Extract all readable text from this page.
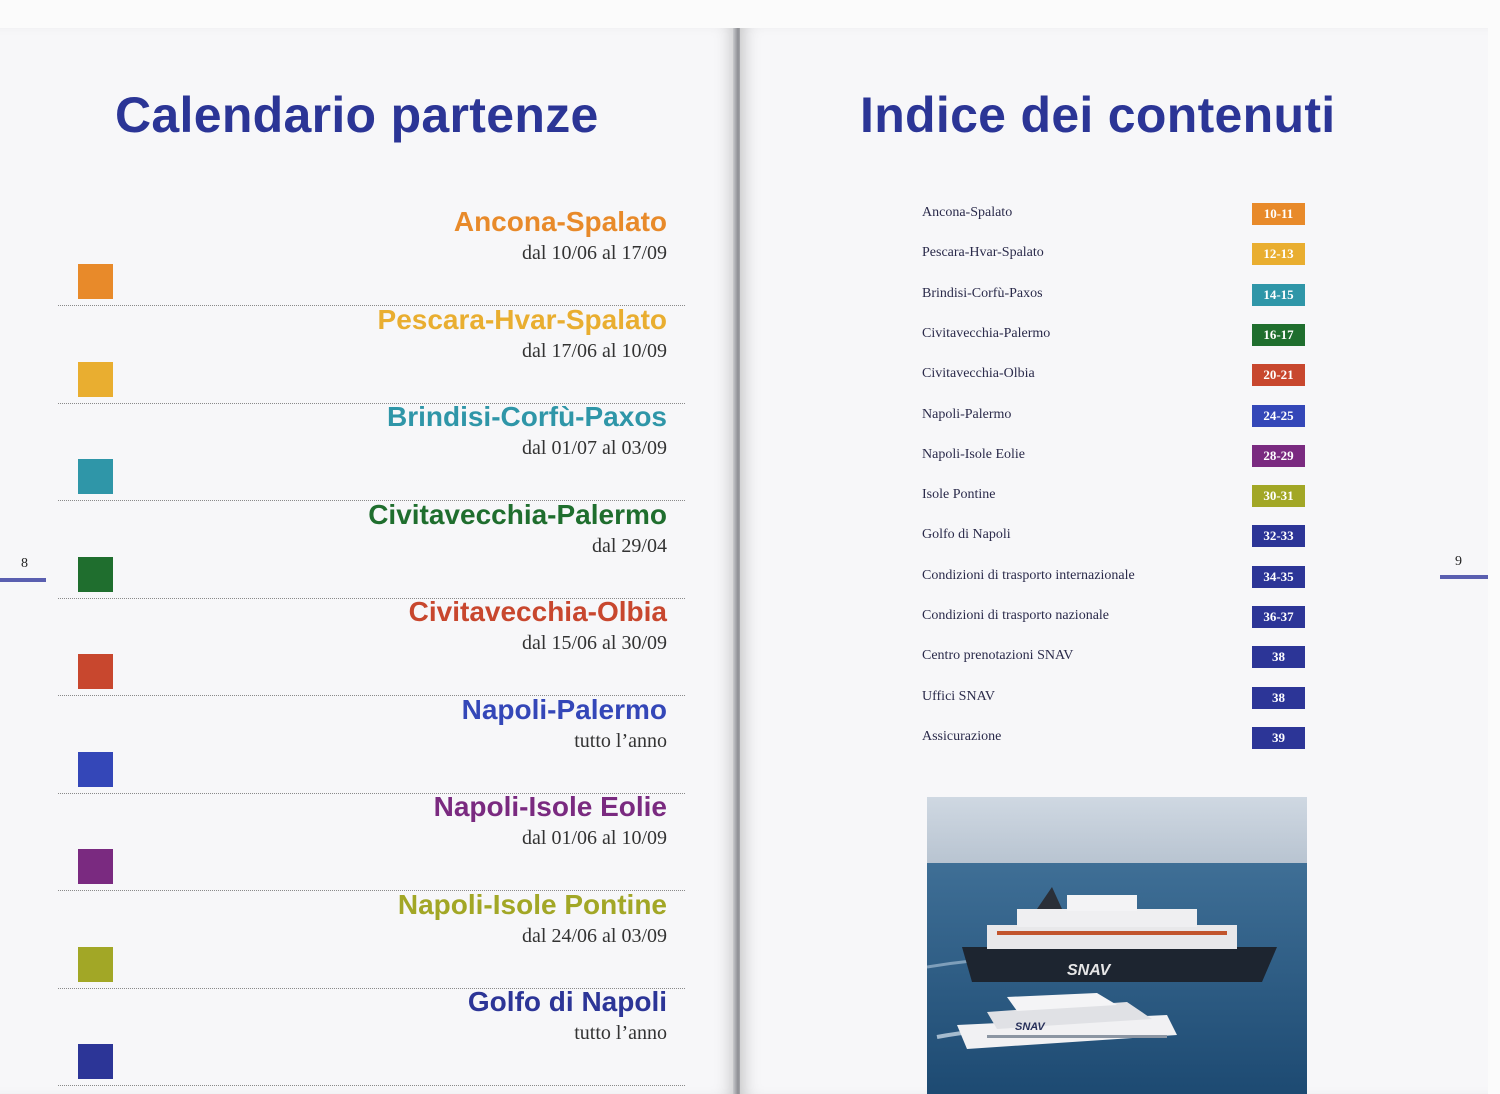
Calendario partenze
Ancona-Spalato
dal 10/06 al 17/09
Pescara-Hvar-Spalato
dal 17/06 al 10/09
Brindisi-Corfù-Paxos
dal 01/07 al 03/09
Civitavecchia-Palermo
dal 29/04
Civitavecchia-Olbia
dal 15/06 al 30/09
Napoli-Palermo
tutto l’anno
Napoli-Isole Eolie
dal 01/06 al 10/09
Napoli-Isole Pontine
dal 24/06 al 03/09
Golfo di Napoli
tutto l’anno
8
Indice dei contenuti
Ancona-Spalato	10-11
Pescara-Hvar-Spalato	12-13
Brindisi-Corfù-Paxos	14-15
Civitavecchia-Palermo	16-17
Civitavecchia-Olbia	20-21
Napoli-Palermo	24-25
Napoli-Isole Eolie	28-29
Isole Pontine	30-31
Golfo di Napoli	32-33
Condizioni di trasporto internazionale	34-35
Condizioni di trasporto nazionale	36-37
Centro prenotazioni SNAV	38
Uffici SNAV	38
Assicurazione	39
9
SNAV
SNAV
